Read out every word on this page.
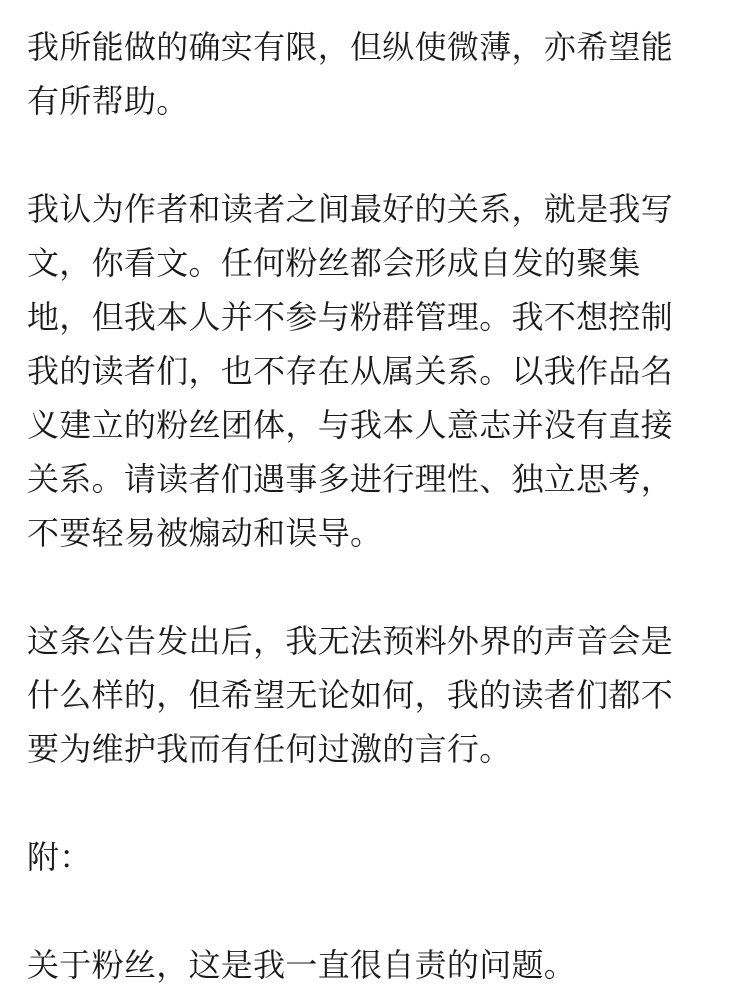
我所能做的确实有限，但纵使微薄，亦希望能
有所帮助。
我认为作者和读者之间最好的关系，就是我写
文，你看文。任何粉丝都会形成自发的聚集
地，但我本人并不参与粉群管理。我不想控制
我的读者们，也不存在从属关系。以我作品名
义建立的粉丝团体，与我本人意志并没有直接
关系。请读者们遇事多进行理性、独立思考，
不要轻易被煽动和误导。
这条公告发出后，我无法预料外界的声音会是
什么样的，但希望无论如何，我的读者们都不
要为维护我而有任何过激的言行。
附：
关于粉丝，这是我一直很自责的问题。
